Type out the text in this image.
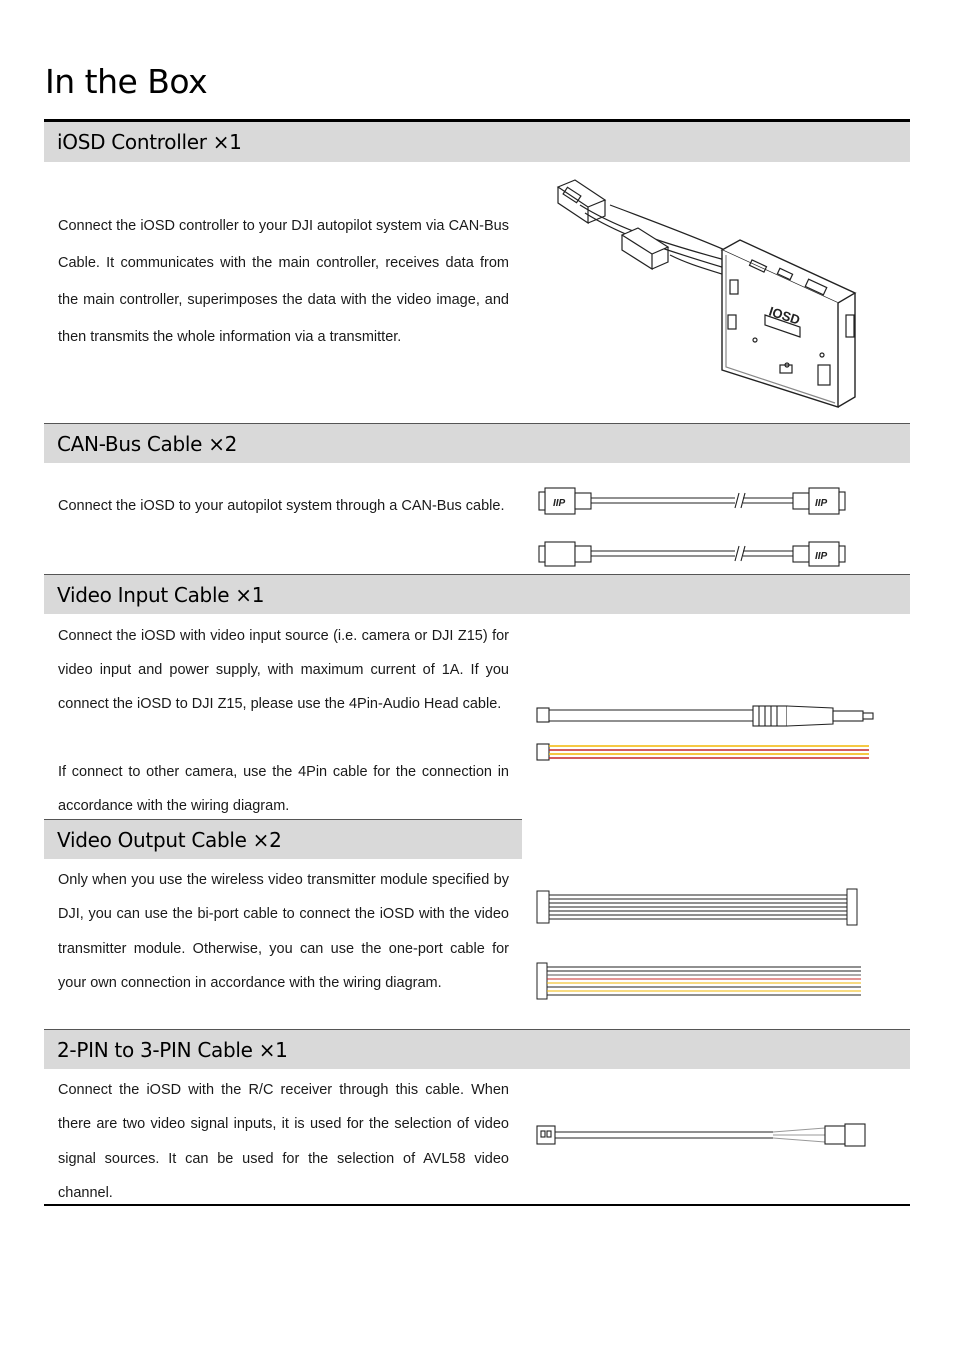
In the Box
iOSD Controller ×1

Connect the iOSD controller to your DJI autopilot system via CAN-Bus Cable. It communicates with the main controller, receives data from the main controller, superimposes the data with the video image, and then transmits the whole information via a transmitter.

IOSD
CAN-Bus Cable ×2

Connect the iOSD to your autopilot system through a CAN-Bus cable.	IIP	IIP
IIP
Video Input Cable ×1

Connect the iOSD with video input source (i.e. camera or DJI Z15) for video input and power supply, with maximum current of 1A. If you connect the iOSD to DJI Z15, please use the 4Pin-Audio Head cable.

If connect to other camera, use the 4Pin cable for the connection in accordance with the wiring diagram.

Video Output Cable ×2

Only when you use the wireless video transmitter module specified by DJI, you can use the bi-port cable to connect the iOSD with the video transmitter module. Otherwise, you can use the one-port cable for your own connection in accordance with the wiring diagram.

2-PIN to 3-PIN Cable ×1

Connect the iOSD with the R/C receiver through this cable. When there are two video signal inputs, it is used for the selection of video signal sources. It can be used for the selection of AVL58 video channel.
